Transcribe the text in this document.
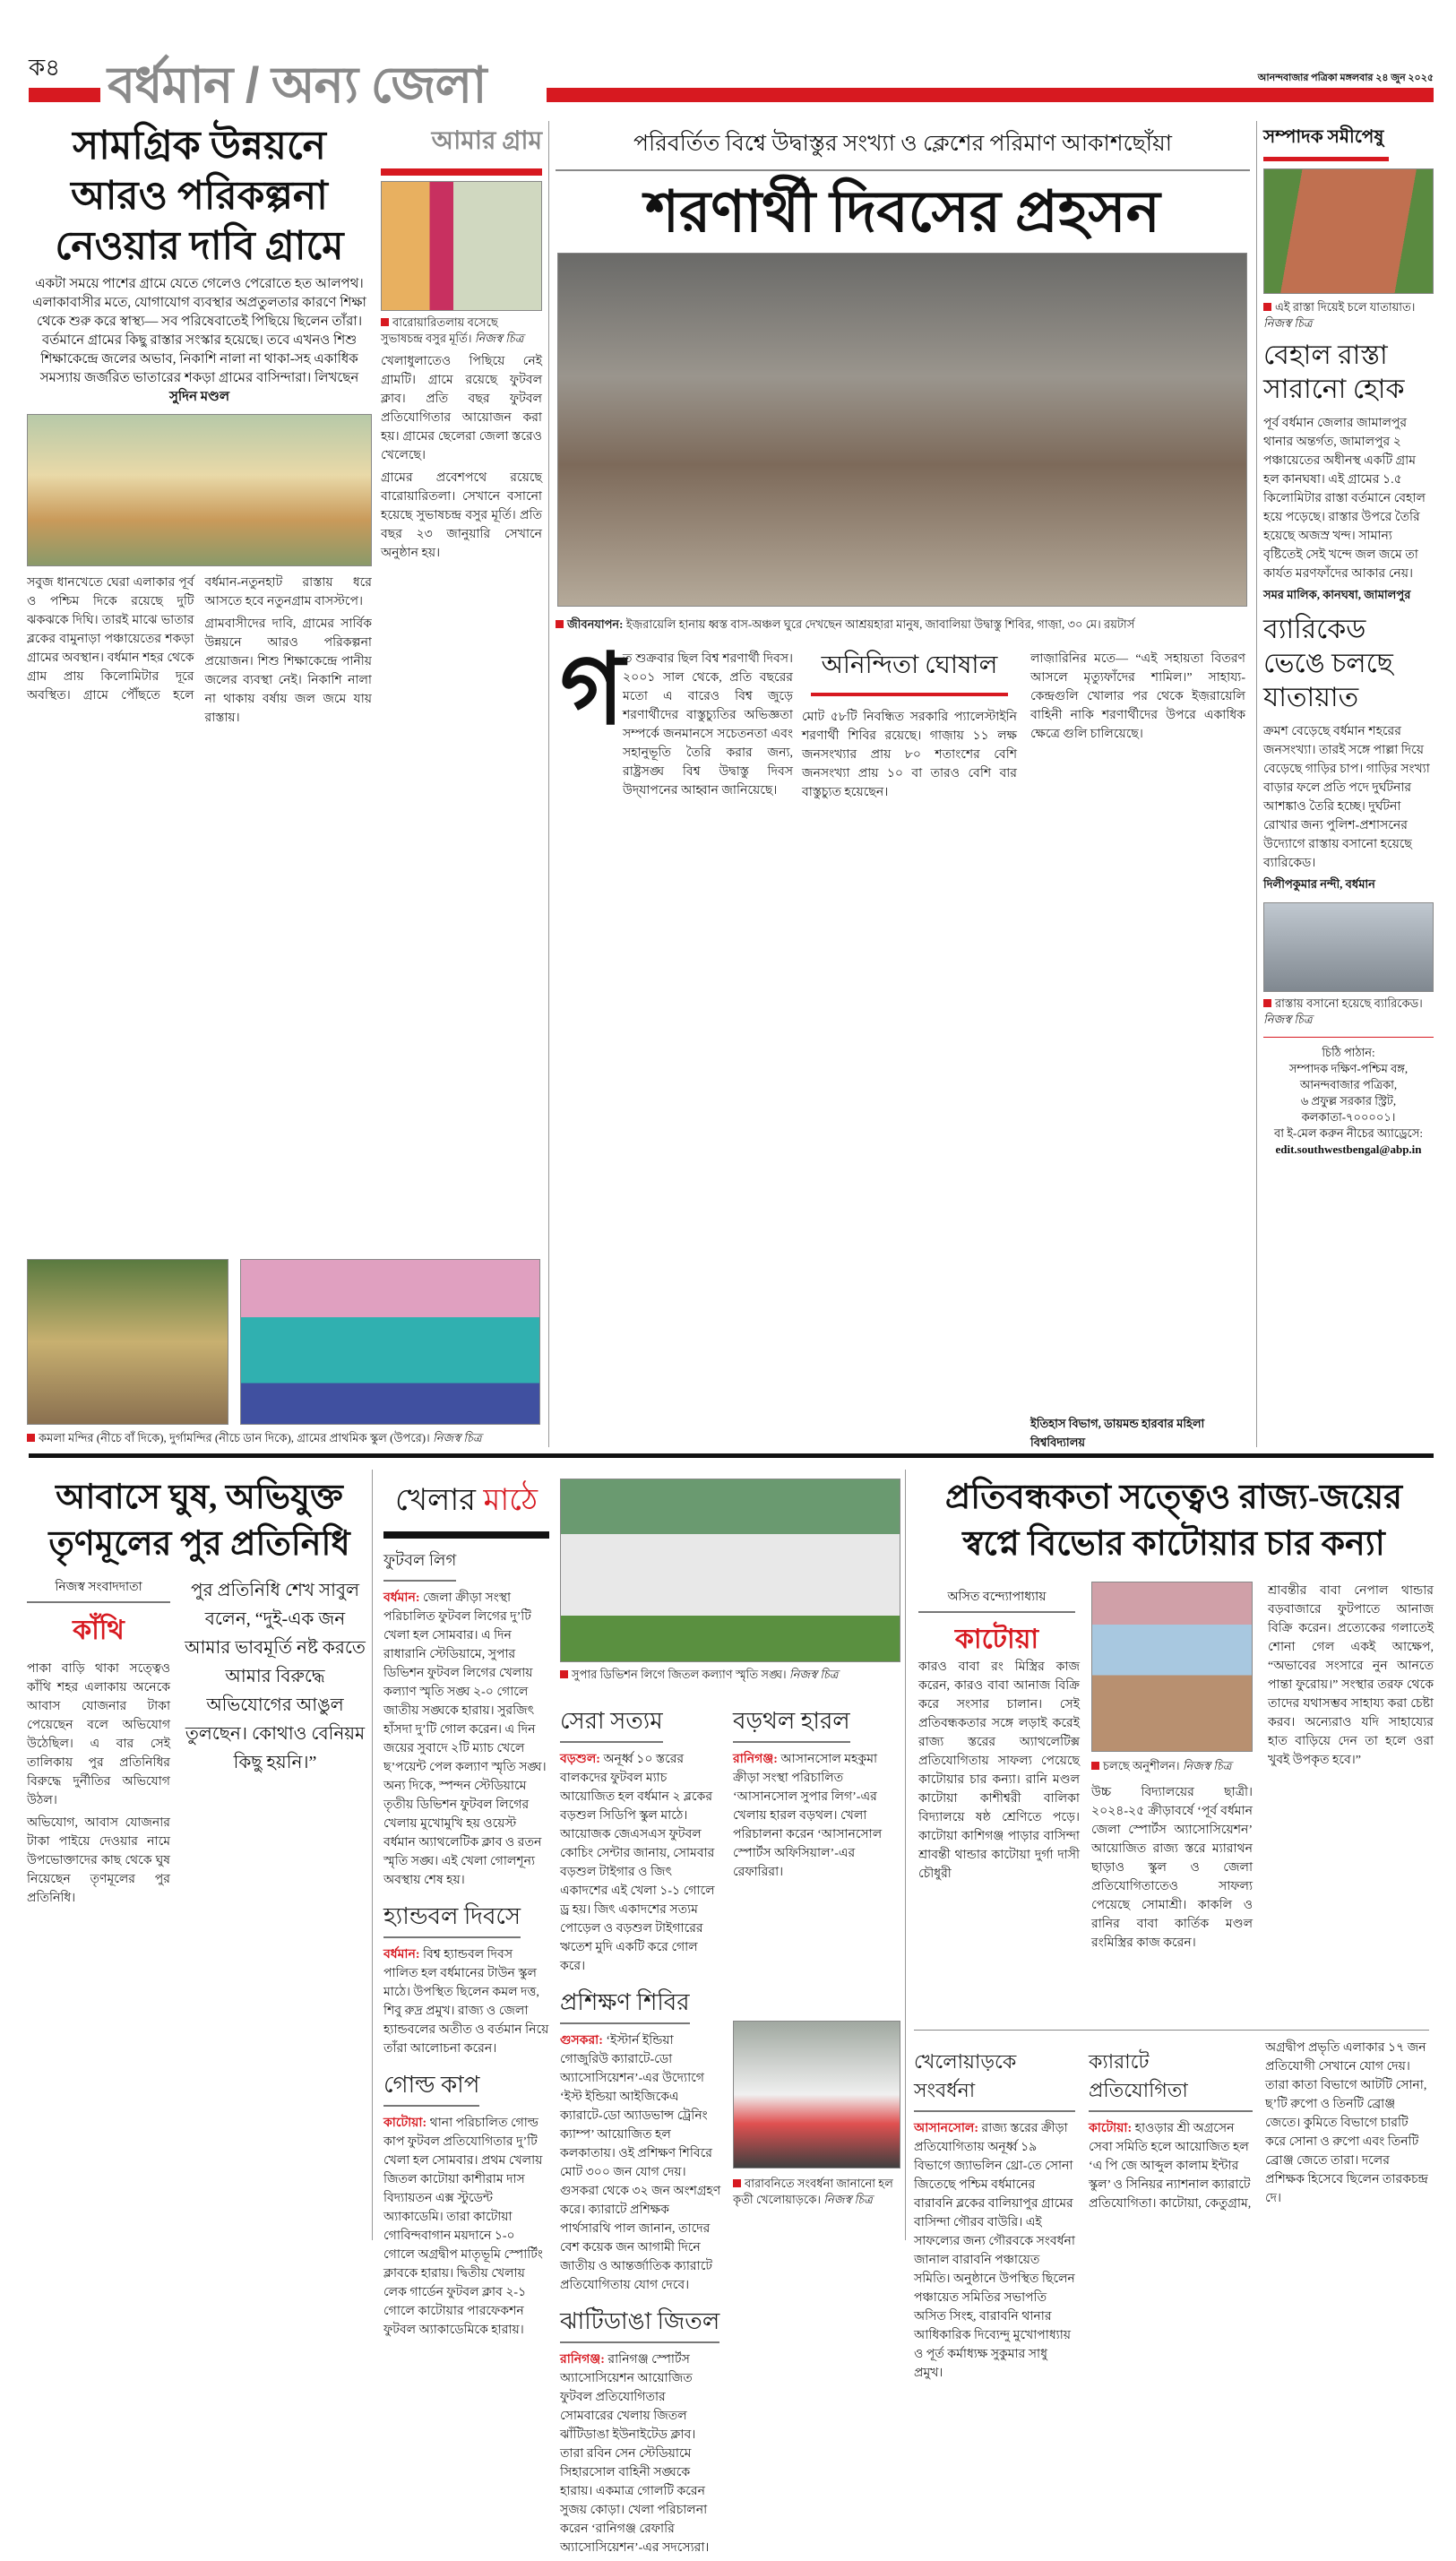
ক৪ বর্ধমান / অন্য জেলা	আনন্দবাজার পত্রিকা মঙ্গলবার ২৪ জুন ২০২৫
সামগ্রিক উন্নয়নে
আরও পরিকল্পনা
নেওয়ার দাবি গ্রামে
একটা সময়ে পাশের গ্রামে যেতে গেলেও পেরোতে হত আলপথ। এলাকাবাসীর মতে, যোগাযোগ ব্যবস্থার অপ্রতুলতার কারণে শিক্ষা থেকে শুরু করে স্বাস্থ্য— সব পরিষেবাতেই পিছিয়ে ছিলেন তাঁরা। বর্তমানে গ্রামের কিছু রাস্তার সংস্কার হয়েছে। তবে এখনও শিশু শিক্ষাকেন্দ্রে জলের অভাব, নিকাশি নালা না থাকা-সহ একাধিক সমস্যায় জর্জরিত ভাতারের শকড়া গ্রামের বাসিন্দারা। লিখছেন সুদিন মণ্ডল

সবুজ ধানখেতে ঘেরা এলাকার পূর্ব ও পশ্চিম দিকে রয়েছে দুটি ঝকঝকে দিঘি। তারই মাঝে ভাতার ব্লকের বামুনাড়া পঞ্চায়েতের শকড়া গ্রামের অবস্থান। বর্ধমান শহর থেকে গ্রাম প্রায় কিলোমিটার দূরে অবস্থিত। গ্রামে পৌঁছতে হলে বর্ধমান-নতুনহাট রাস্তায় ধরে আসতে হবে নতুনগ্রাম বাসস্টপে।

গ্রামবাসীদের দাবি, গ্রামের সার্বিক উন্নয়নে আরও পরিকল্পনা প্রয়োজন। শিশু শিক্ষাকেন্দ্রে পানীয় জলের ব্যবস্থা নেই। নিকাশি নালা না থাকায় বর্ষায় জল জমে যায় রাস্তায়।

আমার গ্রাম
বারোয়ারিতলায় বসেছে সুভাষচন্দ্র বসুর মূর্তি। নিজস্ব চিত্র

খেলাধুলাতেও পিছিয়ে নেই গ্রামটি। গ্রামে রয়েছে ফুটবল ক্লাব। প্রতি বছর ফুটবল প্রতিযোগিতার আয়োজন করা হয়। গ্রামের ছেলেরা জেলা স্তরেও খেলেছে।

গ্রামের প্রবেশপথে রয়েছে বারোয়ারিতলা। সেখানে বসানো হয়েছে সুভাষচন্দ্র বসুর মূর্তি। প্রতি বছর ২৩ জানুয়ারি সেখানে অনুষ্ঠান হয়।

কমলা মন্দির (নীচে বাঁ দিকে), দুর্গামন্দির (নীচে ডান দিকে), গ্রামের প্রাথমিক স্কুল (উপরে)। নিজস্ব চিত্র
পরিবর্তিত বিশ্বে উদ্বাস্তুর সংখ্যা ও ক্লেশের পরিমাণ আকাশছোঁয়া
শরণার্থী দিবসের প্রহসন
জীবনযাপন: ইজ়রায়েলি হানায় ধ্বস্ত বাস-অঞ্চল ঘুরে দেখছেন আশ্রয়হারা মানুষ, জাবালিয়া উদ্বাস্তু শিবির, গাজ়া, ৩০ মে। রয়টার্স
গ
ত শুক্রবার ছিল বিশ্ব শরণার্থী দিবস। ২০০১ সাল থেকে, প্রতি বছরের মতো এ বারেও বিশ্ব জুড়ে শরণার্থীদের বাস্তুচ্যুতির অভিজ্ঞতা সম্পর্কে জনমানসে সচেতনতা এবং সহানুভূতি তৈরি করার জন্য, রাষ্ট্রসঙ্ঘ বিশ্ব উদ্বাস্তু দিবস উদ্‌যাপনের আহ্বান জানিয়েছে।
অনিন্দিতা ঘোষাল
মোট ৫৮টি নিবন্ধিত সরকারি প্যালেস্টাইনি শরণার্থী শিবির রয়েছে। গাজ়ায় ১১ লক্ষ জনসংখ্যার প্রায় ৮০ শতাংশের বেশি জনসংখ্যা প্রায় ১০ বা তারও বেশি বার বাস্তুচ্যুত হয়েছেন।
লাজ়ারিনির মতে— “এই সহায়তা বিতরণ আসলে মৃত্যুফাঁদের শামিল।” সাহায্য-কেন্দ্রগুলি খোলার পর থেকে ইজ়রায়েলি বাহিনী নাকি শরণার্থীদের উপরে একাধিক ক্ষেত্রে গুলি চালিয়েছে।
ইতিহাস বিভাগ, ডায়মন্ড হারবার মহিলা বিশ্ববিদ্যালয়
সম্পাদক সমীপেষু
এই রাস্তা দিয়েই চলে যাতায়াত। নিজস্ব চিত্র
বেহাল রাস্তা সারানো হোক
পূর্ব বর্ধমান জেলার জামালপুর থানার অন্তর্গত, জামালপুর ২ পঞ্চায়েতের অধীনস্থ একটি গ্রাম হল কানঘষা। এই গ্রামের ১.৫ কিলোমিটার রাস্তা বর্তমানে বেহাল হয়ে পড়েছে। রাস্তার উপরে তৈরি হয়েছে অজস্র খন্দ। সামান্য বৃষ্টিতেই সেই খন্দে জল জমে তা কার্যত মরণফাঁদের আকার নেয়।
সমর মালিক, কানঘষা, জামালপুর
ব্যারিকেড ভেঙে চলছে যাতায়াত
ক্রমশ বেড়েছে বর্ধমান শহরের জনসংখ্যা। তারই সঙ্গে পাল্লা দিয়ে বেড়েছে গাড়ির চাপ। গাড়ির সংখ্যা বাড়ার ফলে প্রতি পদে দুর্ঘটনার আশঙ্কাও তৈরি হচ্ছে। দুর্ঘটনা রোখার জন্য পুলিশ-প্রশাসনের উদ্যোগে রাস্তায় বসানো হয়েছে ব্যারিকেড।
দিলীপকুমার নন্দী, বর্ধমান
রাস্তায় বসানো হয়েছে ব্যারিকেড। নিজস্ব চিত্র
চিঠি পাঠান:
সম্পাদক দক্ষিণ-পশ্চিম বঙ্গ,
আনন্দবাজার পত্রিকা,
৬ প্রফুল্ল সরকার স্ট্রিট,
কলকাতা-৭০০০০১।
বা ই-মেল করুন নীচের অ্যাড্রেসে:
edit.southwestbengal@abp.in
আবাসে ঘুষ, অভিযুক্ত
তৃণমূলের পুর প্রতিনিধি
নিজস্ব সংবাদদাতা
কাঁথি

পাকা বাড়ি থাকা সত্ত্বেও কাঁথি শহর এলাকায় অনেকে আবাস যোজনার টাকা পেয়েছেন বলে অভিযোগ উঠেছিল। এ বার সেই তালিকায় পুর প্রতিনিধির বিরুদ্ধে দুর্নীতির অভিযোগ উঠল।

অভিযোগ, আবাস যোজনার টাকা পাইয়ে দেওয়ার নামে উপভোক্তাদের কাছ থেকে ঘুষ নিয়েছেন তৃণমূলের পুর প্রতিনিধি।

পুর প্রতিনিধি শেখ সাবুল বলেন, “দুই-এক জন আমার ভাবমূর্তি নষ্ট করতে আমার বিরুদ্ধে অভিযোগের আঙুল তুলছেন। কোথাও বেনিয়ম কিছু হয়নি।”
খেলার মাঠে
সুপার ডিভিশন লিগে জিতল কল্যাণ স্মৃতি সঙ্ঘ। নিজস্ব চিত্র
ফুটবল লিগ

বর্ধমান: জেলা ক্রীড়া সংস্থা পরিচালিত ফুটবল লিগের দু’টি খেলা হল সোমবার। এ দিন রাধারানি স্টেডিয়ামে, সুপার ডিভিশন ফুটবল লিগের খেলায় কল্যাণ স্মৃতি সঙ্ঘ ২-০ গোলে জাতীয় সঙ্ঘকে হারায়। সুরজিৎ হাঁসদা দু’টি গোল করেন। এ দিন জয়ের সুবাদে ২টি ম্যাচ খেলে ছ’পয়েন্ট পেল কল্যাণ স্মৃতি সঙ্ঘ। অন্য দিকে, স্পন্দন স্টেডিয়ামে তৃতীয় ডিভিশন ফুটবল লিগের খেলায় মুখোমুখি হয় ওয়েস্ট বর্ধমান অ্যাথলেটিক ক্লাব ও রতন স্মৃতি সঙ্ঘ। এই খেলা গোলশূন্য অবস্থায় শেষ হয়।

হ্যান্ডবল দিবসে

বর্ধমান: বিশ্ব হ্যান্ডবল দিবস পালিত হল বর্ধমানের টাউন স্কুল মাঠে। উপস্থিত ছিলেন কমল দত্ত, শিবু রুদ্র প্রমুখ। রাজ্য ও জেলা হ্যান্ডবলের অতীত ও বর্তমান নিয়ে তাঁরা আলোচনা করেন।

গোল্ড কাপ

কাটোয়া: থানা পরিচালিত গোল্ড কাপ ফুটবল প্রতিযোগিতার দু’টি খেলা হল সোমবার। প্রথম খেলায় জিতল কাটোয়া কাশীরাম দাস বিদ্যায়তন এক্স স্টুডেন্ট অ্যাকাডেমি। তারা কাটোয়া গোবিন্দবাগান ময়দানে ১-০ গোলে অগ্রদ্বীপ মাতৃভূমি স্পোর্টিং ক্লাবকে হারায়। দ্বিতীয় খেলায় লেক গার্ডেন ফুটবল ক্লাব ২-১ গোলে কাটোয়ার পারফেকশন ফুটবল অ্যাকাডেমিকে হারায়।

সেরা সত্যম

বড়শুল: অনূর্ধ্ব ১০ স্তরের বালকদের ফুটবল ম্যাচ আয়োজিত হল বর্ধমান ২ ব্লকের বড়শুল সিডিপি স্কুল মাঠে। আয়োজক জেএসএস ফুটবল কোচিং সেন্টার জানায়, সোমবার বড়শুল টাইগার ও জিৎ একাদশের এই খেলা ১-১ গোলে ড্র হয়। জিৎ একাদশের সত্যম পোড়েল ও বড়শুল টাইগারের ঋতেশ মুদি একটি করে গোল করে।

প্রশিক্ষণ শিবির

গুসকরা: ‘ইস্টার্ন ইন্ডিয়া গোজুরিউ ক্যারাটে-ডো অ্যাসোসিয়েশন’-এর উদ্যোগে ‘ইস্ট ইন্ডিয়া আইজিকেএ ক্যারাটে-ডো অ্যাডভান্স ট্রেনিং ক্যাম্প’ আয়োজিত হল কলকাতায়। ওই প্রশিক্ষণ শিবিরে মোট ৩০০ জন যোগ দেয়। গুসকরা থেকে ৩২ জন অংশগ্রহণ করে। ক্যারাটে প্রশিক্ষক পার্থসারথি পাল জানান, তাদের বেশ কয়েক জন আগামী দিনে জাতীয় ও আন্তর্জাতিক ক্যারাটে প্রতিযোগিতায় যোগ দেবে।

ঝাটিডাঙা জিতল

রানিগঞ্জ: রানিগঞ্জ স্পোর্টস অ্যাসোসিয়েশন আয়োজিত ফুটবল প্রতিযোগিতার সোমবারের খেলায় জিতল ঝাঁটিডাঙা ইউনাইটেড ক্লাব। তারা রবিন সেন স্টেডিয়ামে সিহারসোল বাহিনী সঙ্ঘকে হারায়। একমাত্র গোলটি করেন সুজয় কোড়া। খেলা পরিচালনা করেন ‘রানিগঞ্জ রেফারি অ্যাসোসিয়েশন’-এর সদস্যেরা।

বড়থল হারল

রানিগঞ্জ: আসানসোল মহকুমা ক্রীড়া সংস্থা পরিচালিত ‘আসানসোল সুপার লিগ’-এর খেলায় হারল বড়থল। খেলা পরিচালনা করেন ‘আসানসোল স্পোর্টস অফিসিয়াল’-এর রেফারিরা।

বারাবনিতে সংবর্ধনা জানানো হল কৃতী খেলোয়াড়কে। নিজস্ব চিত্র
প্রতিবন্ধকতা সত্ত্বেও রাজ্য-জয়ের
স্বপ্নে বিভোর কাটোয়ার চার কন্যা
অসিত বন্দ্যোপাধ্যায়
কাটোয়া
চলছে অনুশীলন। নিজস্ব চিত্র
কারও বাবা রং মিস্ত্রির কাজ করেন, কারও বাবা আনাজ বিক্রি করে সংসার চালান। সেই প্রতিবন্ধকতার সঙ্গে লড়াই করেই রাজ্য স্তরের অ্যাথলেটিক্স প্রতিযোগিতায় সাফল্য পেয়েছে কাটোয়ার চার কন্যা। রানি মণ্ডল কাটোয়া কাশীশ্বরী বালিকা বিদ্যালয়ে ষষ্ঠ শ্রেণিতে পড়ে। কাটোয়া কাশিগঞ্জ পাড়ার বাসিন্দা শ্রাবন্তী থান্ডার কাটোয়া দুর্গা দাসী চৌধুরী
উচ্চ বিদ্যালয়ের ছাত্রী। ২০২৪-২৫ ক্রীড়াবর্ষে ‘পূর্ব বর্ধমান জেলা স্পোর্টস অ্যাসোসিয়েশন’ আয়োজিত রাজ্য স্তরে ম্যারাথন ছাড়াও স্কুল ও জেলা প্রতিযোগিতাতেও সাফল্য পেয়েছে সোমাশ্রী। কাকলি ও রানির বাবা কার্তিক মণ্ডল রংমিস্ত্রির কাজ করেন।
শ্রাবন্তীর বাবা নেপাল থান্ডার বড়বাজারে ফুটপাতে আনাজ বিক্রি করেন। প্রত্যেকের গলাতেই শোনা গেল একই আক্ষেপ, “অভাবের সংসারে নুন আনতে পান্তা ফুরোয়।” সংস্থার তরফ থেকে তাদের যথাসম্ভব সাহায্য করা চেষ্টা করব। অন্যেরাও যদি সাহায্যের হাত বাড়িয়ে দেন তা হলে ওরা খুবই উপকৃত হবে।”
খেলোয়াড়কে সংবর্ধনা

আসানসোল: রাজ্য স্তরের ক্রীড়া প্রতিযোগিতায় অনূর্ধ্ব ১৯ বিভাগে জ্যাভলিন থ্রো-তে সোনা জিতেছে পশ্চিম বর্ধমানের বারাবনি ব্লকের বালিয়াপুর গ্রামের বাসিন্দা গৌরব বাউরি। এই সাফল্যের জন্য গৌরবকে সংবর্ধনা জানাল বারাবনি পঞ্চায়েত সমিতি। অনুষ্ঠানে উপস্থিত ছিলেন পঞ্চায়েত সমিতির সভাপতি অসিত সিংহ, বারাবনি থানার আধিকারিক দিব্যেন্দু মুখোপাধ্যায় ও পূর্ত কর্মাধ্যক্ষ সুকুমার সাধু প্রমুখ।

ক্যারাটে প্রতিযোগিতা

কাটোয়া: হাওড়ার শ্রী অগ্রসেন সেবা সমিতি হলে আয়োজিত হল ‘এ পি জে আব্দুল কালাম ইন্টার স্কুল’ ও সিনিয়র ন্যাশনাল ক্যারাটে প্রতিযোগিতা। কাটোয়া, কেতুগ্রাম, অগ্রদ্বীপ প্রভৃতি এলাকার ১৭ জন প্রতিযোগী সেখানে যোগ দেয়। তারা কাতা বিভাগে আটটি সোনা, ছ’টি রুপো ও তিনটি ব্রোঞ্জ জেতে। কুমিতে বিভাগে চারটি করে সোনা ও রুপো এবং তিনটি ব্রোঞ্জ জেতে তারা। দলের প্রশিক্ষক হিসেবে ছিলেন তারকচন্দ্র দে।
